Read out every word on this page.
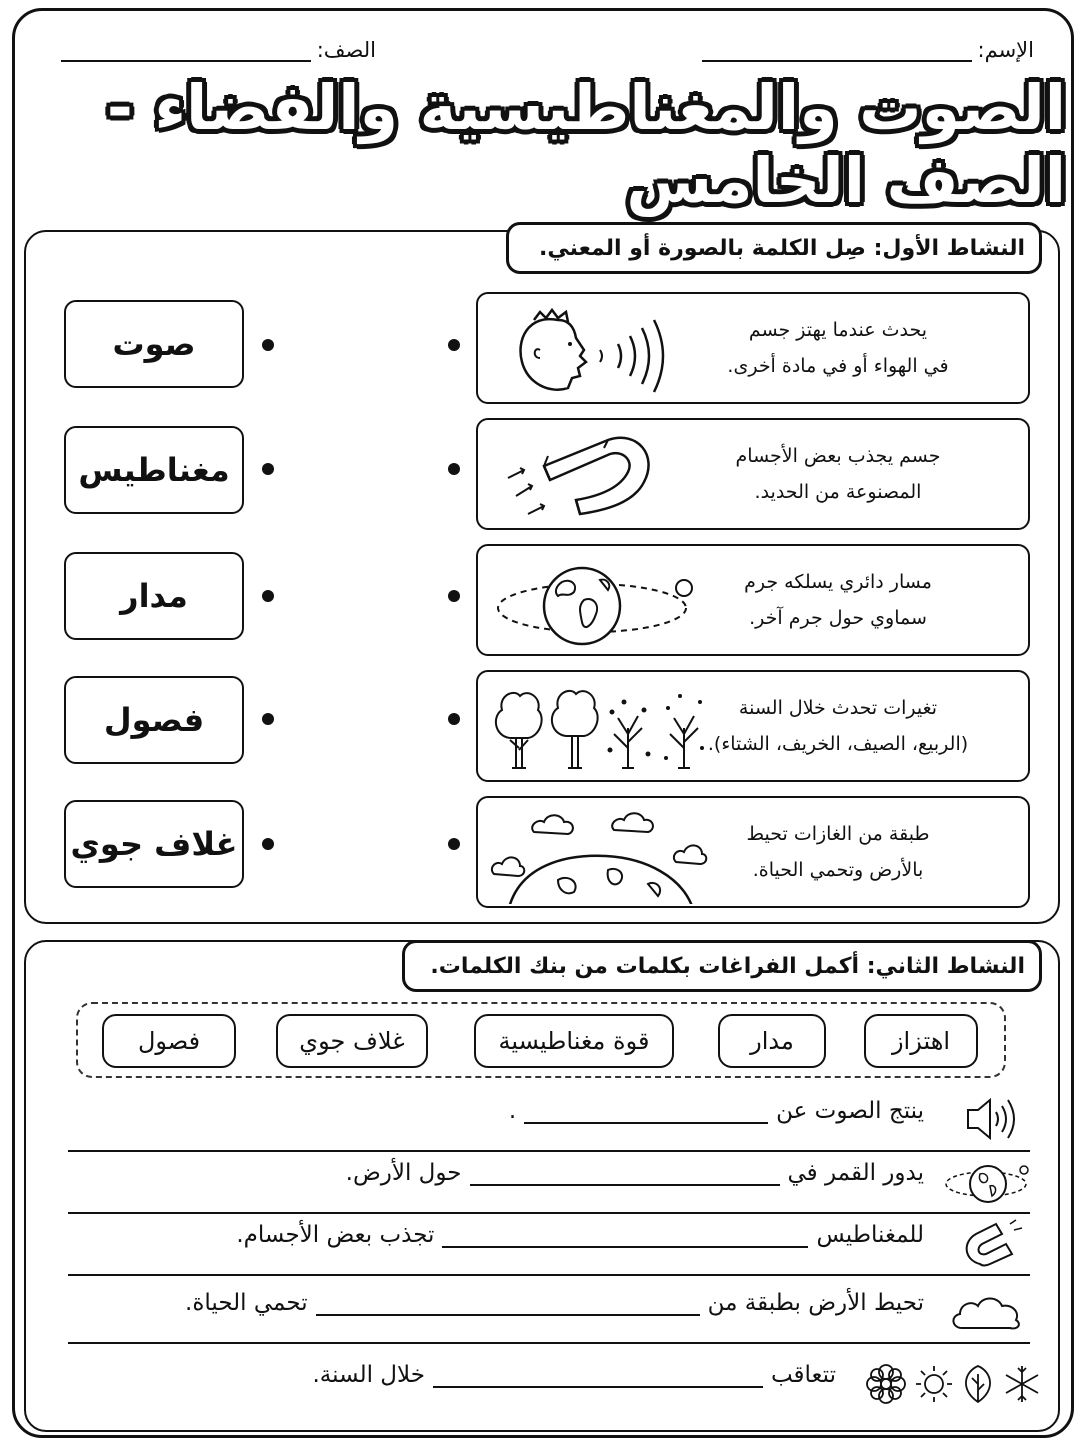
الإسم:
الصف:
الصوت والمغناطيسية والفضاء - الصف الخامس
النشاط الأول: صِل الكلمة بالصورة أو المعني.
صوت	يحدث عندما يهتز جسم
في الهواء أو في مادة أخرى.
مغناطيس	جسم يجذب بعض الأجسام
المصنوعة من الحديد.
مدار	مسار دائري يسلكه جرم
سماوي حول جرم آخر.
فصول	تغيرات تحدث خلال السنة
(الربيع، الصيف، الخريف، الشتاء).
غلاف جوي	طبقة من الغازات تحيط
بالأرض وتحمي الحياة.
النشاط الثاني: أكمل الفراغات بكلمات من بنك الكلمات.
اهتزاز
مدار
قوة مغناطيسية
غلاف جوي
فصول
ينتج الصوت عن
.
يدور القمر في
حول الأرض.
للمغناطيس
تجذب بعض الأجسام.
تحيط الأرض بطبقة من
تحمي الحياة.
تتعاقب
خلال السنة.
